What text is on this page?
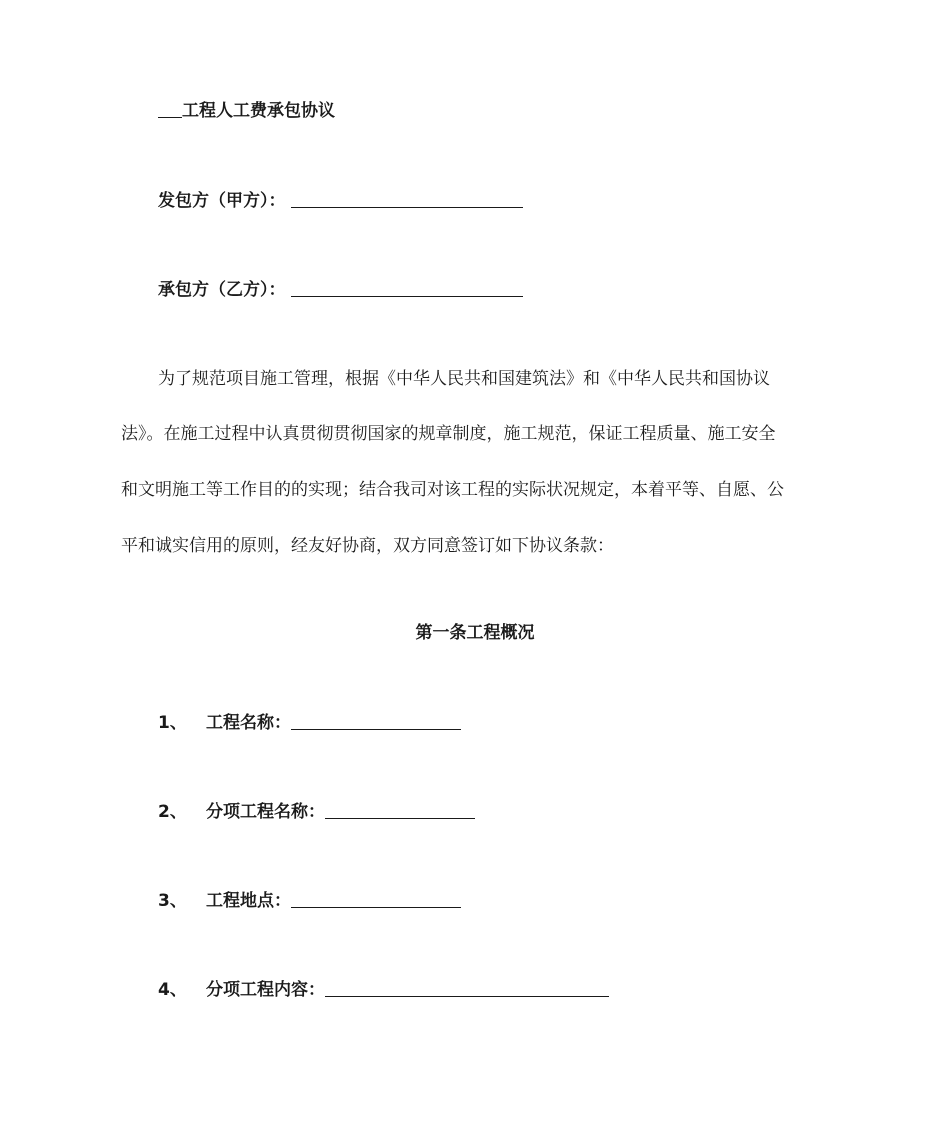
工程人工费承包协议
发包方（甲方）：
承包方（乙方）：
为了规范项目施工管理，根据《中华人民共和国建筑法》和《中华人民共和国协议
法》。在施工过程中认真贯彻贯彻国家的规章制度，施工规范，保证工程质量、施工安全
和文明施工等工作目的的实现；结合我司对该工程的实际状况规定，本着平等、自愿、公
平和诚实信用的原则，经友好协商，双方同意签订如下协议条款：
第一条工程概况
1、 工程名称：
2、 分项工程名称：
3、 工程地点：
4、 分项工程内容：
